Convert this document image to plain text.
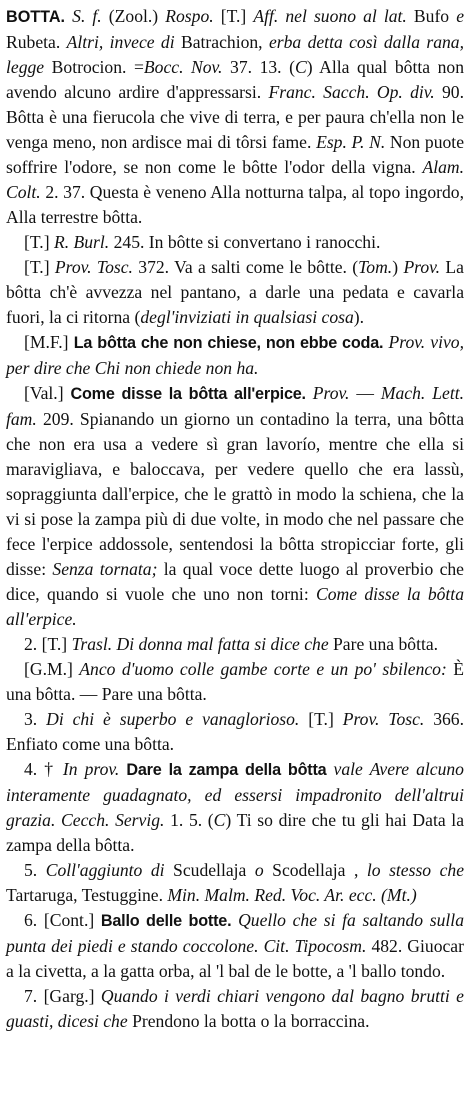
BOTTA. S. f. (Zool.) Rospo. [T.] Aff. nel suono al lat. Bufo e Rubeta. Altri, invece di Batrachion, erba detta così dalla rana, legge Botrocion. =Bocc. Nov. 37. 13. (C) Alla qual bôtta non avendo alcuno ardire d'appressarsi. Franc. Sacch. Op. div. 90. Bôtta è una fierucola che vive di terra, e per paura ch'ella non le venga meno, non ardisce mai di tôrsi fame. Esp. P. N. Non puote soffrire l'odore, se non come le bôtte l'odor della vigna. Alam. Colt. 2. 37. Questa è veneno Alla notturna talpa, al topo ingordo, Alla terrestre bôtta.

[T.] R. Burl. 245. In bôtte si convertano i ranocchi.

[T.] Prov. Tosc. 372. Va a salti come le bôtte. (Tom.) Prov. La bôtta ch'è avvezza nel pantano, a darle una pedata e cavarla fuori, la ci ritorna (degl'inviziati in qualsiasi cosa).

[M.F.] La bôtta che non chiese, non ebbe coda. Prov. vivo, per dire che Chi non chiede non ha.

[Val.] Come disse la bôtta all'erpice. Prov. — Mach. Lett. fam. 209. Spianando un giorno un contadino la terra, una bôtta che non era usa a vedere sì gran lavorío, mentre che ella si maravigliava, e baloccava, per vedere quello che era lassù, sopraggiunta dall'erpice, che le grattò in modo la schiena, che la vi si pose la zampa più di due volte, in modo che nel passare che fece l'erpice addossole, sentendosi la bôtta stropicciar forte, gli disse: Senza tornata; la qual voce dette luogo al proverbio che dice, quando si vuole che uno non torni: Come disse la bôtta all'erpice.

2. [T.] Trasl. Di donna mal fatta si dice che Pare una bôtta.

[G.M.] Anco d'uomo colle gambe corte e un po' sbilenco: È una bôtta. — Pare una bôtta.

3. Di chi è superbo e vanaglorioso. [T.] Prov. Tosc. 366. Enfiato come una bôtta.

4. † In prov. Dare la zampa della bôtta vale Avere alcuno interamente guadagnato, ed essersi impadronito dell'altrui grazia. Cecch. Servig. 1. 5. (C) Ti so dire che tu gli hai Data la zampa della bôtta.

5. Coll'aggiunto di Scudellaja o Scodellaja , lo stesso che Tartaruga, Testuggine. Min. Malm. Red. Voc. Ar. ecc. (Mt.)

6. [Cont.] Ballo delle botte. Quello che si fa saltando sulla punta dei piedi e stando coccolone. Cit. Tipocosm. 482. Giuocar a la civetta, a la gatta orba, al 'l bal de le botte, a 'l ballo tondo.

7. [Garg.] Quando i verdi chiari vengono dal bagno brutti e guasti, dicesi che Prendono la botta o la borraccina.
